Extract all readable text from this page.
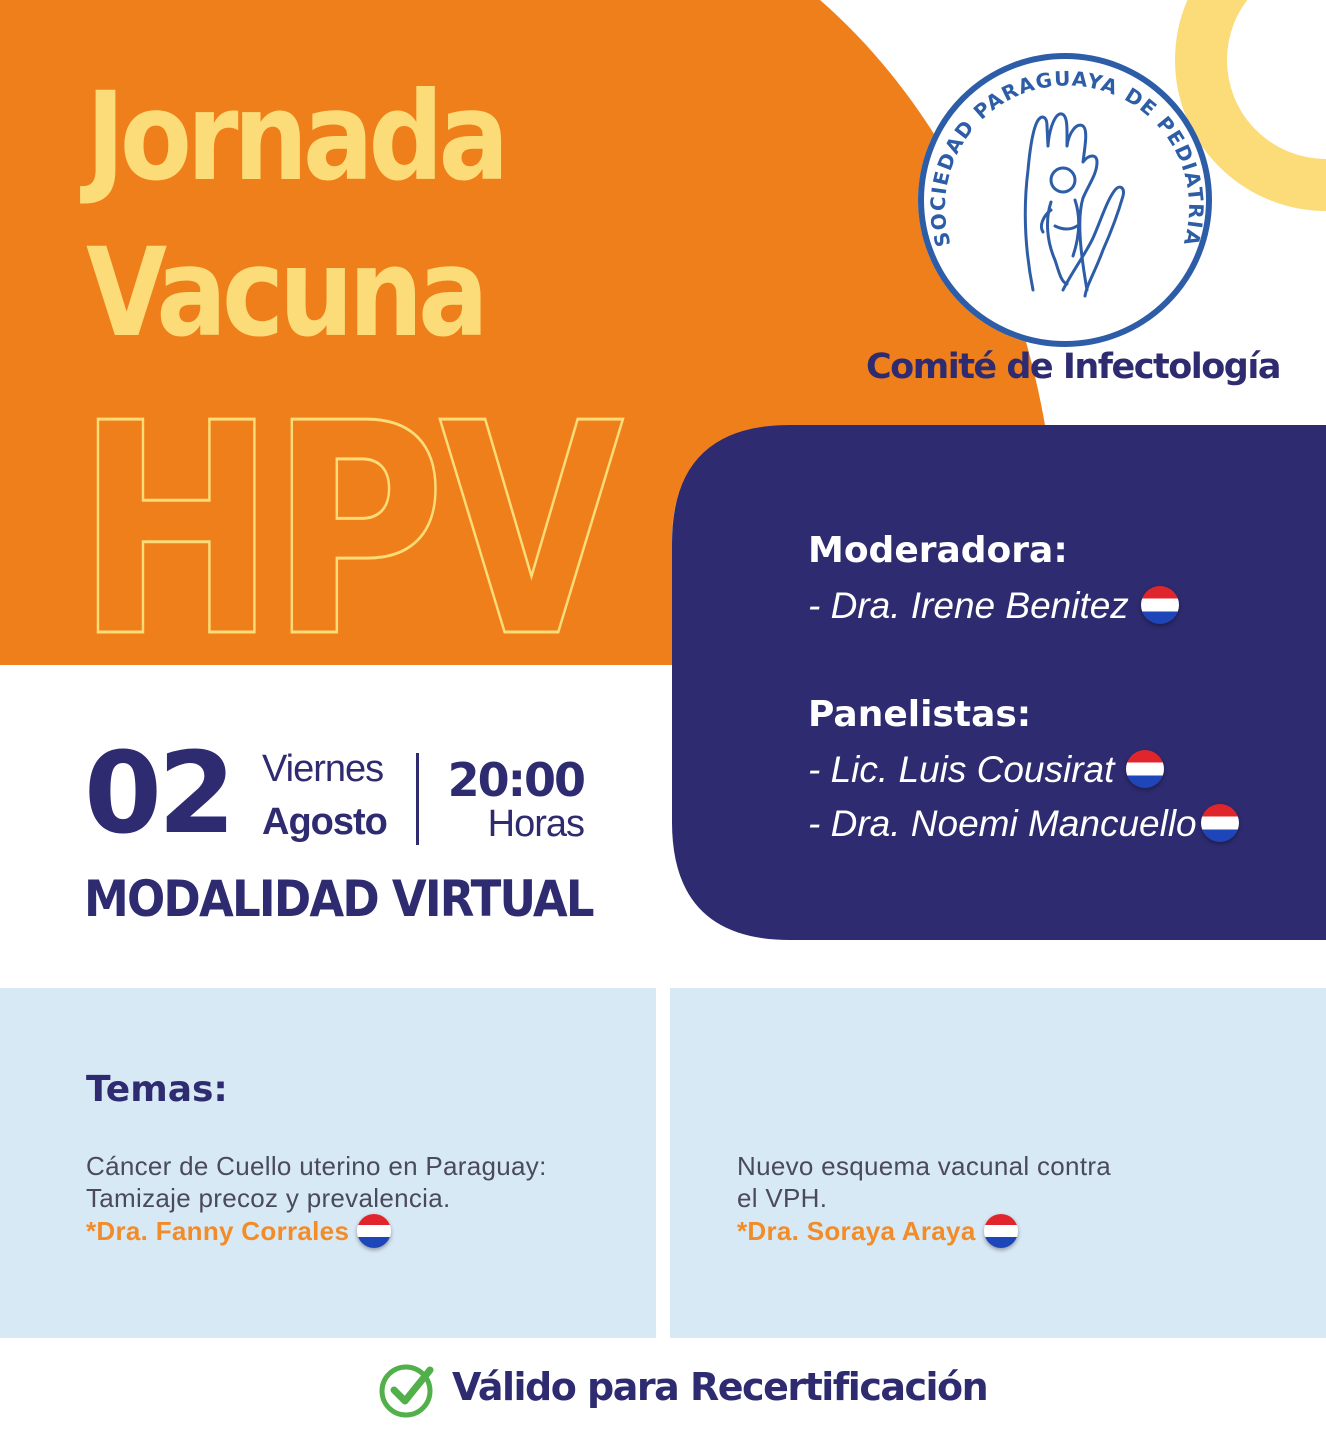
Jornada
Vacuna
HPV
SOCIEDAD PARAGUAYA DE PEDIATRIA
Comité de Infectología
02 Viernes
Agosto
20:00
Horas
MODALIDAD VIRTUAL
Moderadora:
- Dra. Irene Benitez
Panelistas:
- Lic. Luis Cousirat
- Dra. Noemi Mancuello
Temas:
Cáncer de Cuello uterino en Paraguay:
Tamizaje precoz y prevalencia.
*Dra. Fanny Corrales
Nuevo esquema vacunal contra
el VPH.
*Dra. Soraya Araya
Válido para Recertificación
